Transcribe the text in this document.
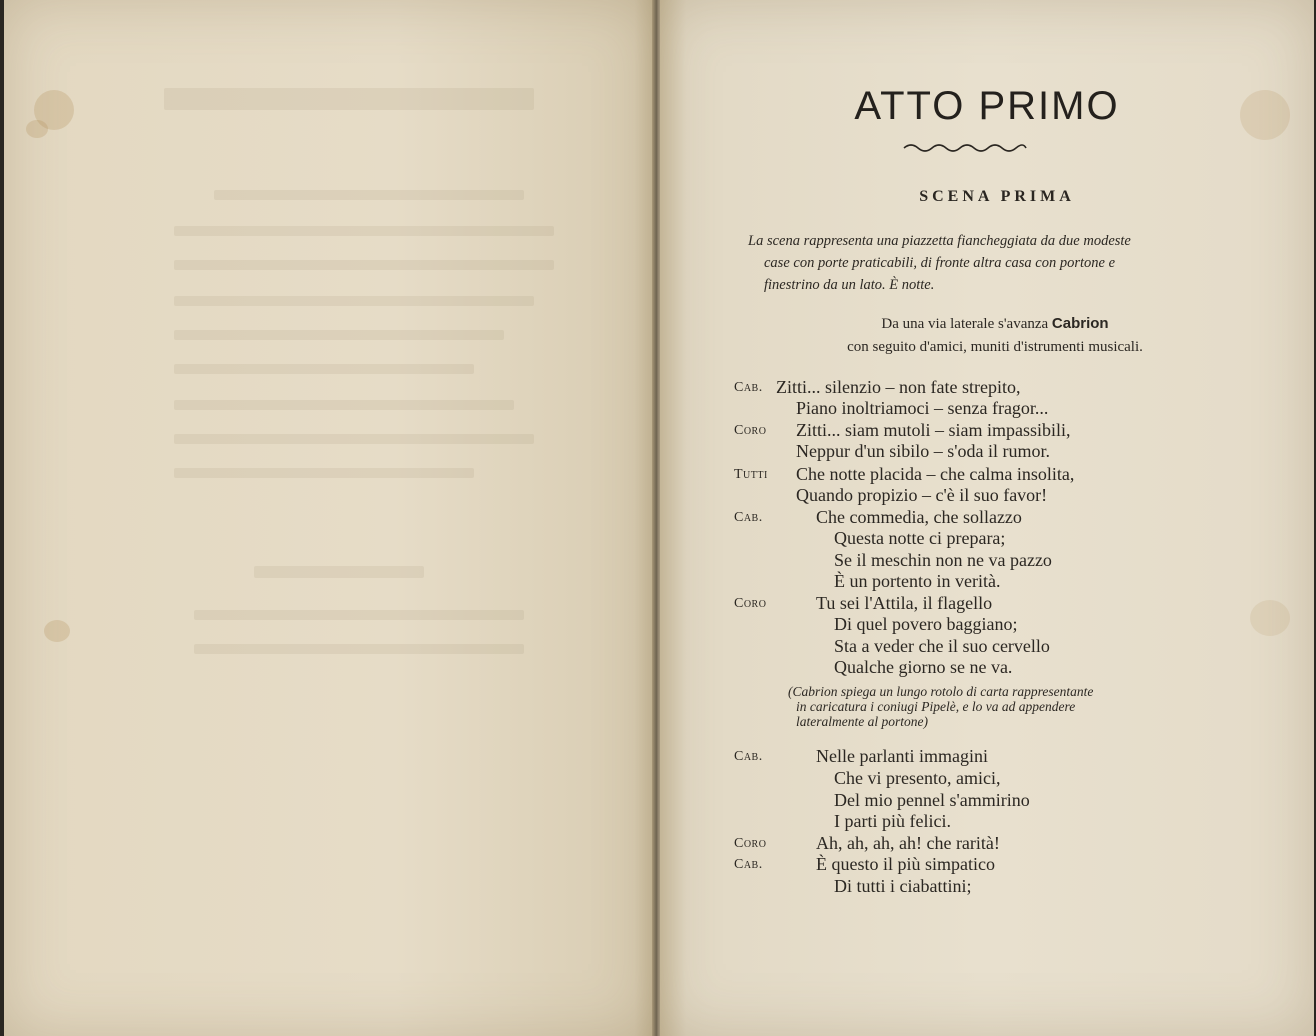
ATTO PRIMO
SCENA PRIMA
La scena rappresenta una piazzetta fiancheggiata da due modeste
case con porte praticabili, di fronte altra casa con portone e
finestrino da un lato. È notte.
Da una via laterale s'avanza Cabrion
con seguito d'amici, muniti d'istrumenti musicali.
Cab. Zitti... silenzio – non fate strepito,
Piano inoltriamoci – senza fragor...
Coro Zitti... siam mutoli – siam impassibili,
Neppur d'un sibilo – s'oda il rumor.
Tutti Che notte placida – che calma insolita,
Quando propizio – c'è il suo favor!
Cab.	Che commedia, che sollazzo
Questa notte ci prepara;
Se il meschin non ne va pazzo
È un portento in verità.
Coro	Tu sei l'Attila, il flagello
Di quel povero baggiano;
Sta a veder che il suo cervello
Qualche giorno se ne va.
(Cabrion spiega un lungo rotolo di carta rappresentante
in caricatura i coniugi Pipelè, e lo va ad appendere
lateralmente al portone)
Cab.	Nelle parlanti immagini
Che vi presento, amici,
Del mio pennel s'ammirino
I parti più felici.
Coro	Ah, ah, ah, ah! che rarità!
Cab.	È questo il più simpatico
Di tutti i ciabattini;
